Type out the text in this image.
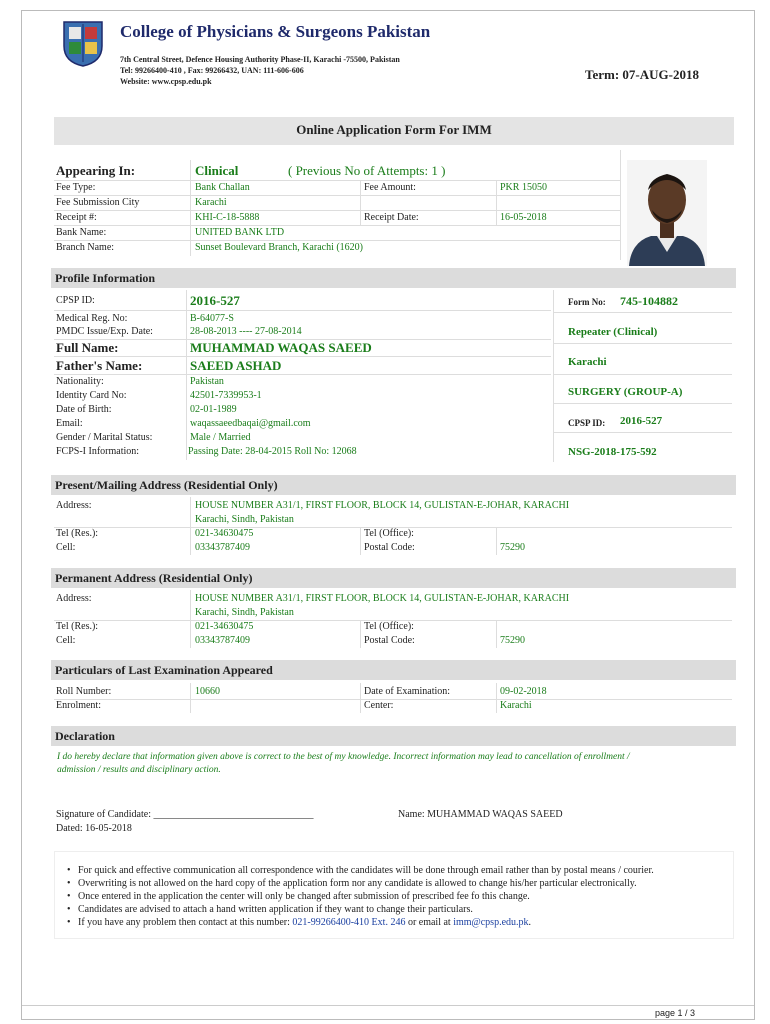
College of Physicians & Surgeons Pakistan
7th Central Street, Defence Housing Authority Phase-II, Karachi -75500, Pakistan
Tel: 99266400-410 , Fax: 99266432, UAN: 111-606-606
Website: www.cpsp.edu.pk	Term: 07-AUG-2018
Online Application Form For IMM
Appearing In:	Clinical	( Previous No of Attempts: 1 )
Fee Type:	Bank Challan	Fee Amount:	PKR 15050
Fee Submission City	Karachi
Receipt #:	KHI-C-18-5888	Receipt Date:	16-05-2018
Bank Name:	UNITED BANK LTD
Branch Name:	Sunset Boulevard Branch, Karachi (1620)
Profile Information
CPSP ID:	2016-527
Medical Reg. No:	B-64077-S
PMDC Issue/Exp. Date:	28-08-2013 ---- 27-08-2014
Full Name:	MUHAMMAD WAQAS SAEED
Father's Name:	SAEED ASHAD
Nationality:	Pakistan
Identity Card No:	42501-7339953-1
Date of Birth:	02-01-1989
Email:	waqassaeedbaqai@gmail.com
Gender / Marital Status:	Male / Married
FCPS-I Information:	Passing Date: 28-04-2015 Roll No: 12068
Form No: 745-104882
Repeater (Clinical)
Karachi
SURGERY (GROUP-A)
CPSP ID: 2016-527
NSG-2018-175-592
Present/Mailing Address (Residential Only)
Address:	HOUSE NUMBER A31/1, FIRST FLOOR, BLOCK 14, GULISTAN-E-JOHAR, KARACHI
Karachi, Sindh, Pakistan
Tel (Res.):	021-34630475	Tel (Office):
Cell:	03343787409	Postal Code:	75290
Permanent Address (Residential Only)
Address:	HOUSE NUMBER A31/1, FIRST FLOOR, BLOCK 14, GULISTAN-E-JOHAR, KARACHI
Karachi, Sindh, Pakistan
Tel (Res.):	021-34630475	Tel (Office):
Cell:	03343787409	Postal Code:	75290
Particulars of Last Examination Appeared
Roll Number:	10660	Date of Examination:	09-02-2018
Enrolment:	Center:	Karachi
Declaration
I do hereby declare that information given above is correct to the best of my knowledge. Incorrect information may lead to cancellation of enrollment /
admission / results and disciplinary action.
Signature of Candidate: ________________________________
Dated: 16-05-2018
Name: MUHAMMAD WAQAS SAEED
• For quick and effective communication all correspondence with the candidates will be done through email rather than by postal means / courier.
• Overwriting is not allowed on the hard copy of the application form nor any candidate is allowed to change his/her particular electronically.
• Once entered in the application the center will only be changed after submission of prescribed fee fo this change.
• Candidates are advised to attach a hand written application if they want to change their particulars.
• If you have any problem then contact at this number: 021-99266400-410 Ext. 246 or email at imm@cpsp.edu.pk.
page 1 / 3
